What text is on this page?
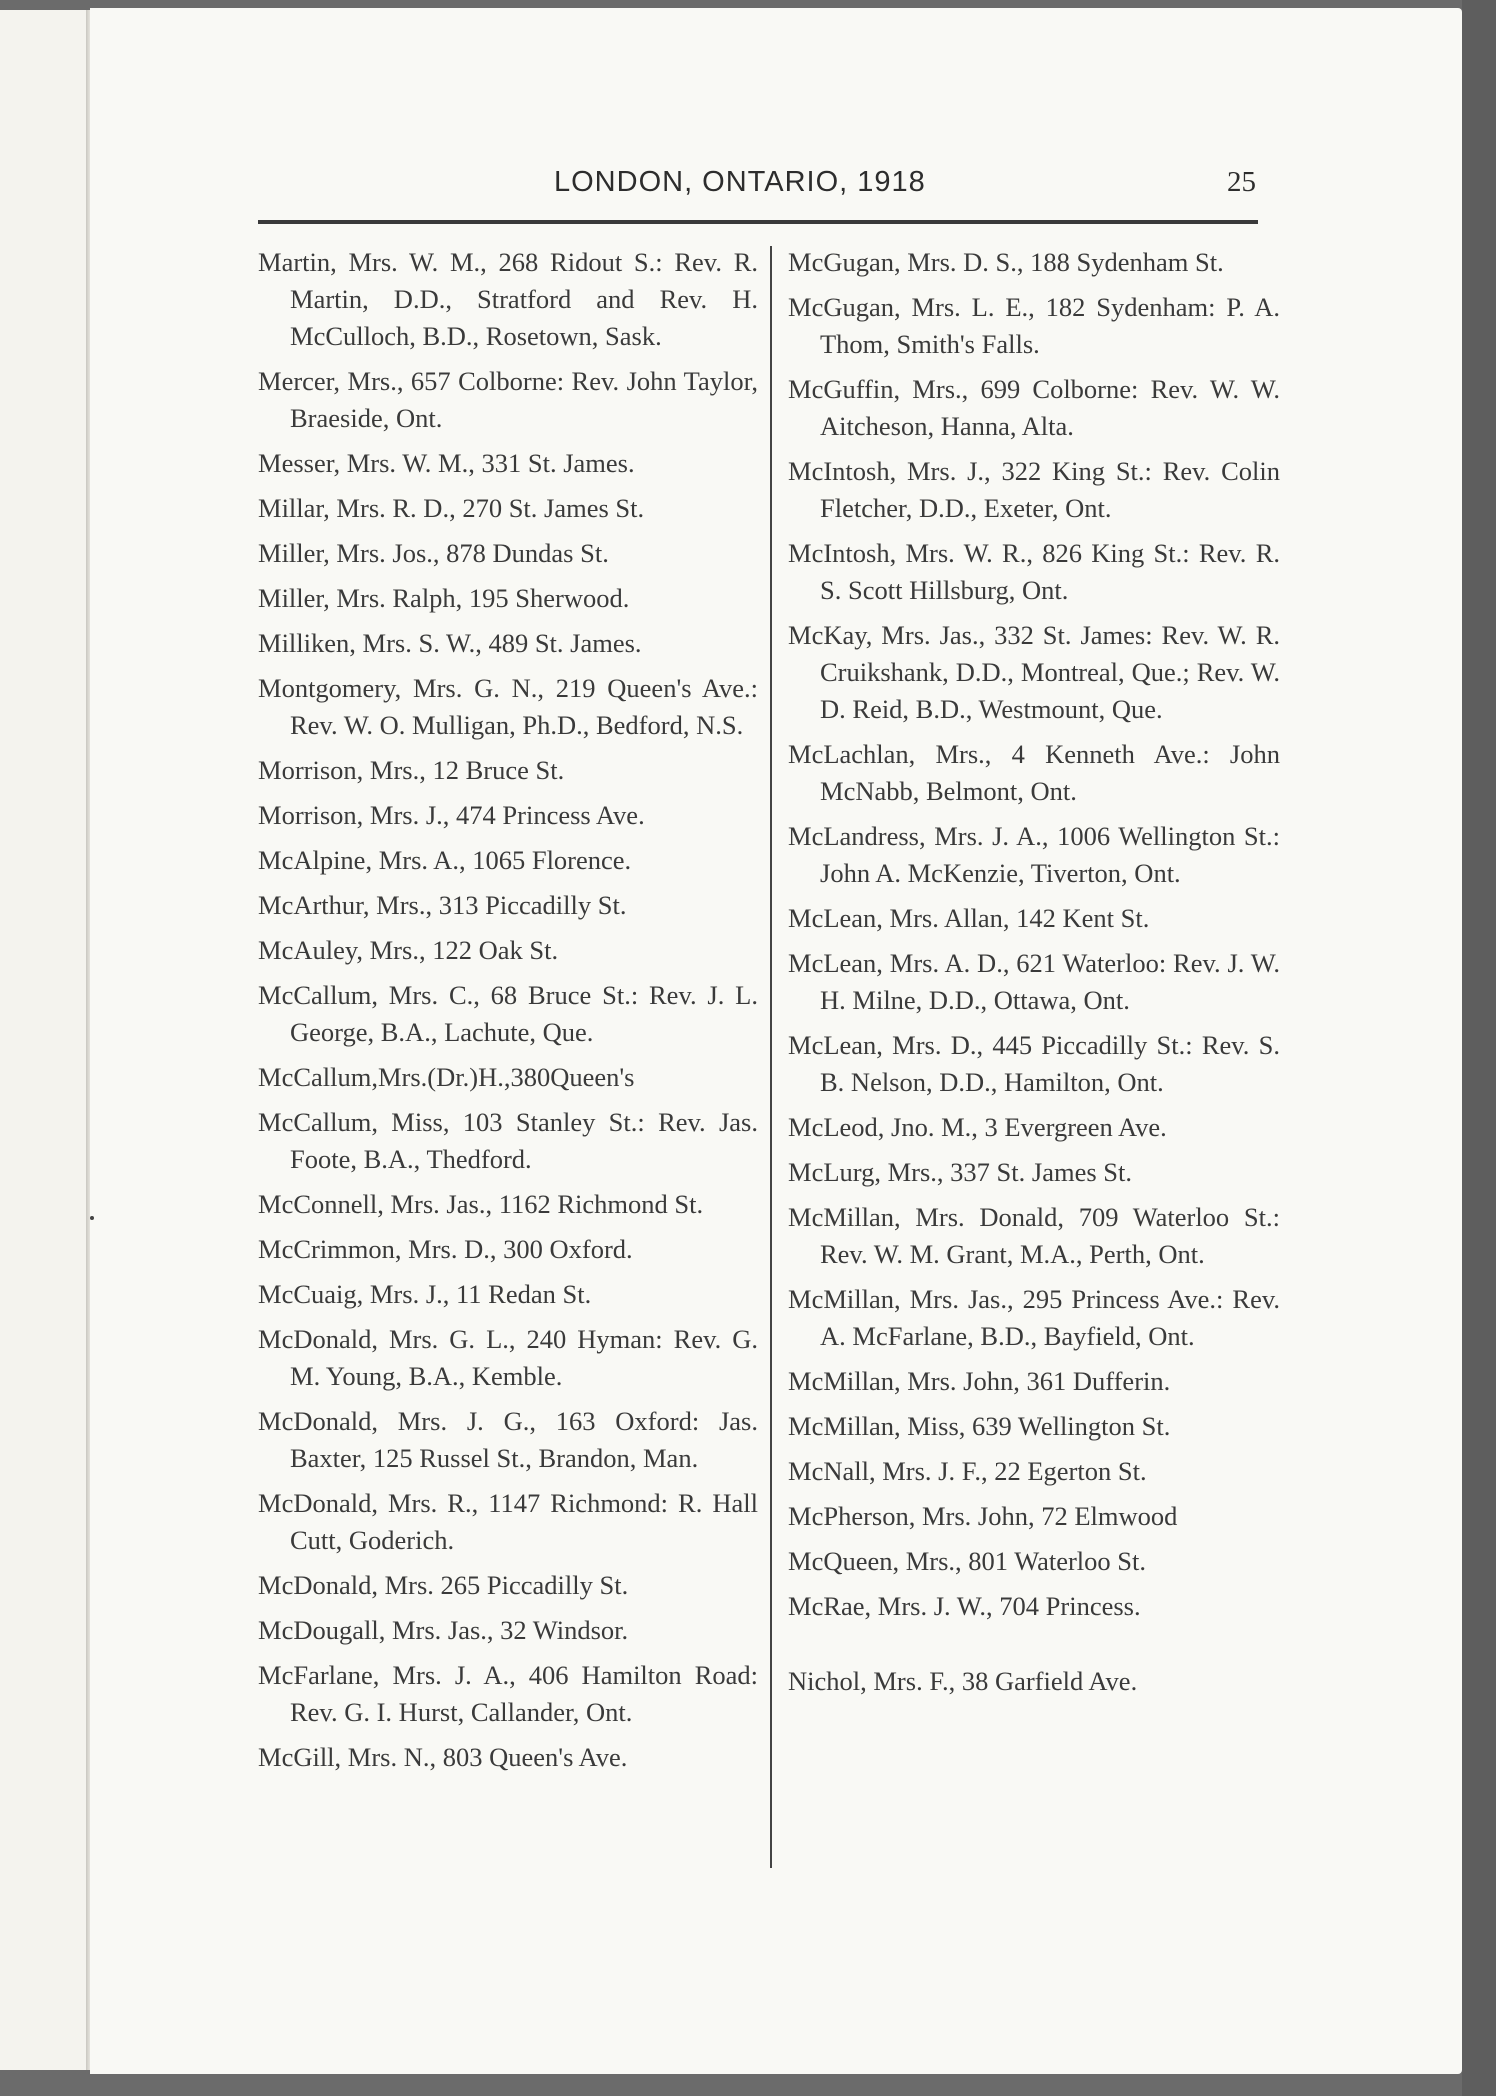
LONDON, ONTARIO, 1918	25

Martin, Mrs. W. M., 268 Ridout S.: Rev. R. Martin, D.D., Stratford and Rev. H. McCulloch, B.D., Rosetown, Sask.

Mercer, Mrs., 657 Colborne: Rev. John Taylor, Braeside, Ont.

Messer, Mrs. W. M., 331 St. James.

Millar, Mrs. R. D., 270 St. James St.

Miller, Mrs. Jos., 878 Dundas St.

Miller, Mrs. Ralph, 195 Sherwood.

Milliken, Mrs. S. W., 489 St. James.

Montgomery, Mrs. G. N., 219 Queen's Ave.: Rev. W. O. Mulligan, Ph.D., Bedford, N.S.

Morrison, Mrs., 12 Bruce St.

Morrison, Mrs. J., 474 Princess Ave.

McAlpine, Mrs. A., 1065 Florence.

McArthur, Mrs., 313 Piccadilly St.

McAuley, Mrs., 122 Oak St.

McCallum, Mrs. C., 68 Bruce St.: Rev. J. L. George, B.A., Lachute, Que.

McCallum,Mrs.(Dr.)H.,380Queen's

McCallum, Miss, 103 Stanley St.: Rev. Jas. Foote, B.A., Thedford.

McConnell, Mrs. Jas., 1162 Richmond St.

McCrimmon, Mrs. D., 300 Oxford.

McCuaig, Mrs. J., 11 Redan St.

McDonald, Mrs. G. L., 240 Hyman: Rev. G. M. Young, B.A., Kemble.

McDonald, Mrs. J. G., 163 Oxford: Jas. Baxter, 125 Russel St., Brandon, Man.

McDonald, Mrs. R., 1147 Richmond: R. Hall Cutt, Goderich.

McDonald, Mrs. 265 Piccadilly St.

McDougall, Mrs. Jas., 32 Windsor.

McFarlane, Mrs. J. A., 406 Hamilton Road: Rev. G. I. Hurst, Callander, Ont.

McGill, Mrs. N., 803 Queen's Ave.

McGugan, Mrs. D. S., 188 Sydenham St.

McGugan, Mrs. L. E., 182 Sydenham: P. A. Thom, Smith's Falls.

McGuffin, Mrs., 699 Colborne: Rev. W. W. Aitcheson, Hanna, Alta.

McIntosh, Mrs. J., 322 King St.: Rev. Colin Fletcher, D.D., Exeter, Ont.

McIntosh, Mrs. W. R., 826 King St.: Rev. R. S. Scott Hillsburg, Ont.

McKay, Mrs. Jas., 332 St. James: Rev. W. R. Cruikshank, D.D., Montreal, Que.; Rev. W. D. Reid, B.D., Westmount, Que.

McLachlan, Mrs., 4 Kenneth Ave.: John McNabb, Belmont, Ont.

McLandress, Mrs. J. A., 1006 Wellington St.: John A. McKenzie, Tiverton, Ont.

McLean, Mrs. Allan, 142 Kent St.

McLean, Mrs. A. D., 621 Waterloo: Rev. J. W. H. Milne, D.D., Ottawa, Ont.

McLean, Mrs. D., 445 Piccadilly St.: Rev. S. B. Nelson, D.D., Hamilton, Ont.

McLeod, Jno. M., 3 Evergreen Ave.

McLurg, Mrs., 337 St. James St.

McMillan, Mrs. Donald, 709 Waterloo St.: Rev. W. M. Grant, M.A., Perth, Ont.

McMillan, Mrs. Jas., 295 Princess Ave.: Rev. A. McFarlane, B.D., Bayfield, Ont.

McMillan, Mrs. John, 361 Dufferin.

McMillan, Miss, 639 Wellington St.

McNall, Mrs. J. F., 22 Egerton St.

McPherson, Mrs. John, 72 Elmwood

McQueen, Mrs., 801 Waterloo St.

McRae, Mrs. J. W., 704 Princess.

Nichol, Mrs. F., 38 Garfield Ave.
